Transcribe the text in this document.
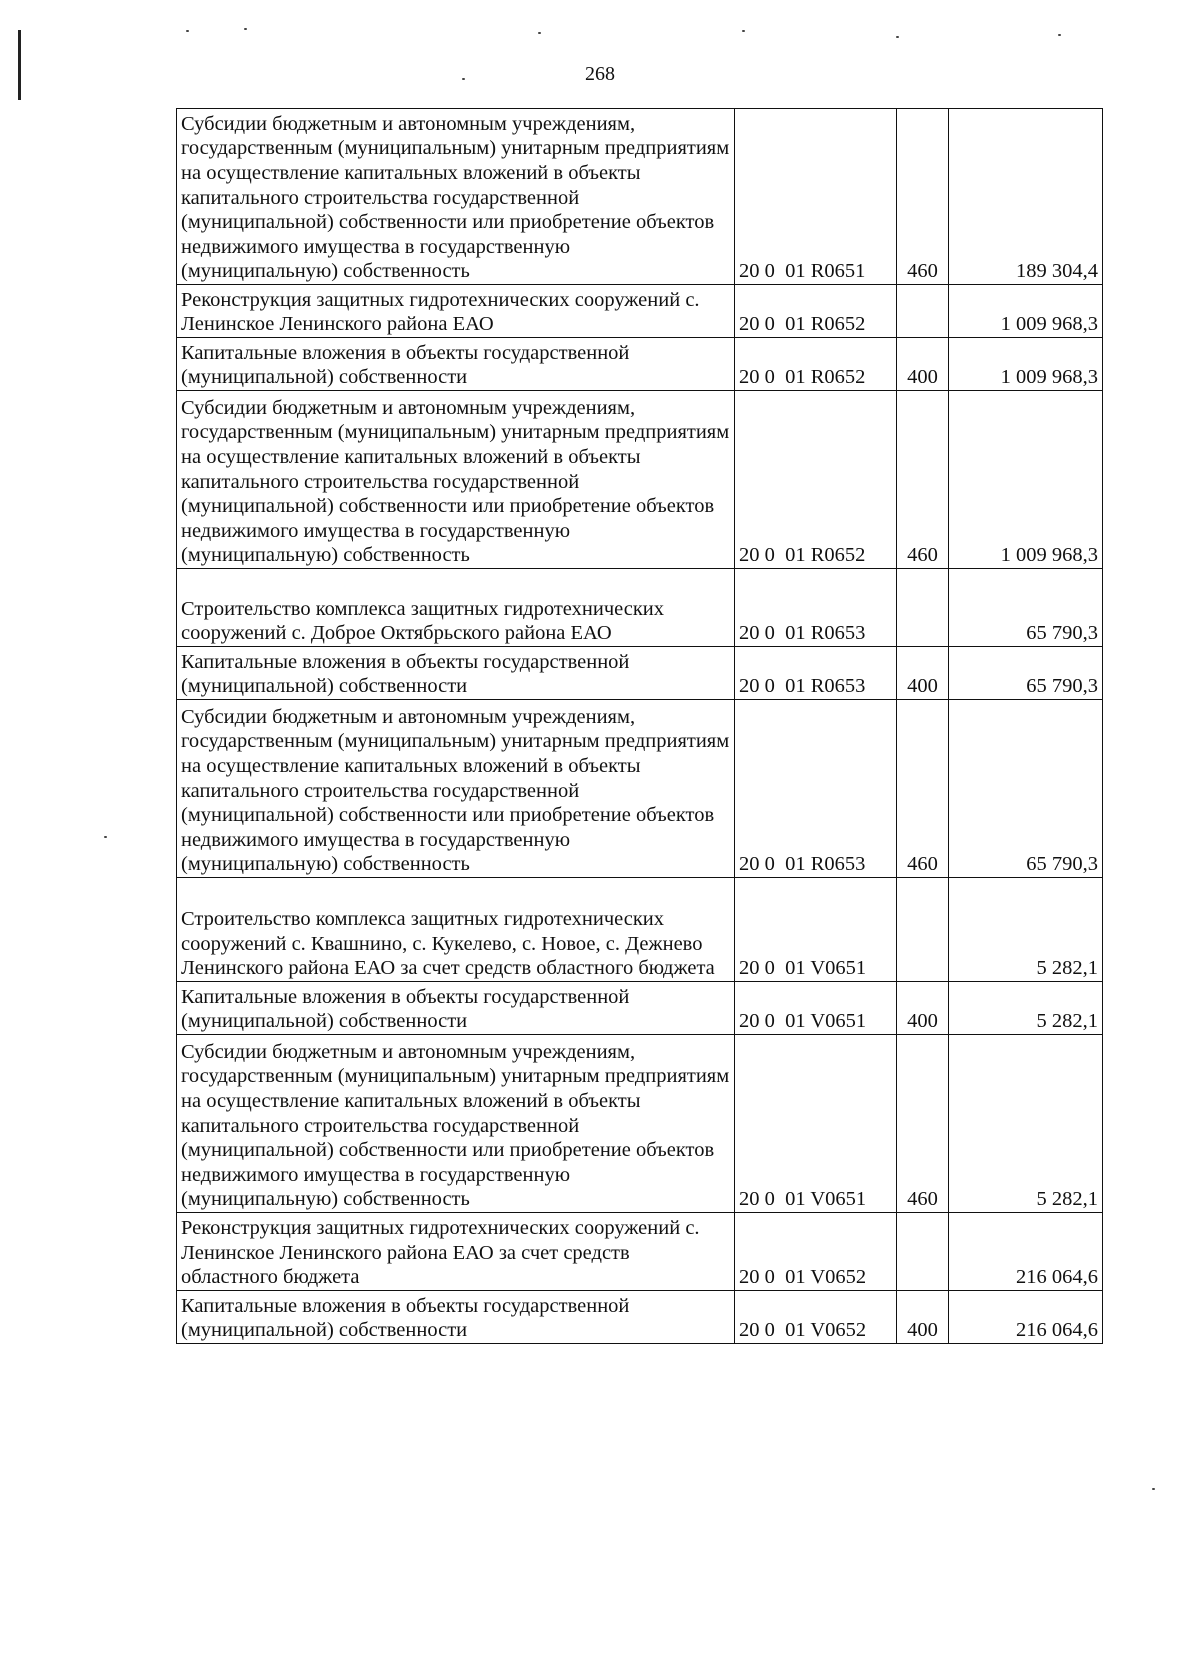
268
Субсидии бюджетным и автономным учреждениям, государственным (муниципальным) унитарным предприятиям на осуществление капитальных вложений в объекты капитального строительства государственной (муниципальной) собственности или приобретение объектов недвижимого имущества в государственную (муниципальную) собственность	20 0  01 R0651	460	189 304,4
Реконструкция защитных гидротехнических сооружений с. Ленинское Ленинского района ЕАО	20 0  01 R0652		1 009 968,3
Капитальные вложения в объекты государственной (муниципальной) собственности	20 0  01 R0652	400	1 009 968,3
Субсидии бюджетным и автономным учреждениям, государственным (муниципальным) унитарным предприятиям на осуществление капитальных вложений в объекты капитального строительства государственной (муниципальной) собственности или приобретение объектов недвижимого имущества в государственную (муниципальную) собственность	20 0  01 R0652	460	1 009 968,3
Строительство комплекса защитных гидротехнических сооружений с. Доброе Октябрьского района ЕАО	20 0  01 R0653		65 790,3
Капитальные вложения в объекты государственной (муниципальной) собственности	20 0  01 R0653	400	65 790,3
Субсидии бюджетным и автономным учреждениям, государственным (муниципальным) унитарным предприятиям на осуществление капитальных вложений в объекты капитального строительства государственной (муниципальной) собственности или приобретение объектов недвижимого имущества в государственную (муниципальную) собственность	20 0  01 R0653	460	65 790,3
Строительство комплекса защитных гидротехнических сооружений с. Квашнино, с. Кукелево, с. Новое, с. Дежнево Ленинского района ЕАО за счет средств областного бюджета	20 0  01 V0651		5 282,1
Капитальные вложения в объекты государственной (муниципальной) собственности	20 0  01 V0651	400	5 282,1
Субсидии бюджетным и автономным учреждениям, государственным (муниципальным) унитарным предприятиям на осуществление капитальных вложений в объекты капитального строительства государственной (муниципальной) собственности или приобретение объектов недвижимого имущества в государственную (муниципальную) собственность	20 0  01 V0651	460	5 282,1
Реконструкция защитных гидротехнических сооружений с. Ленинское Ленинского района ЕАО за счет средств областного бюджета	20 0  01 V0652		216 064,6
Капитальные вложения в объекты государственной (муниципальной) собственности	20 0  01 V0652	400	216 064,6
